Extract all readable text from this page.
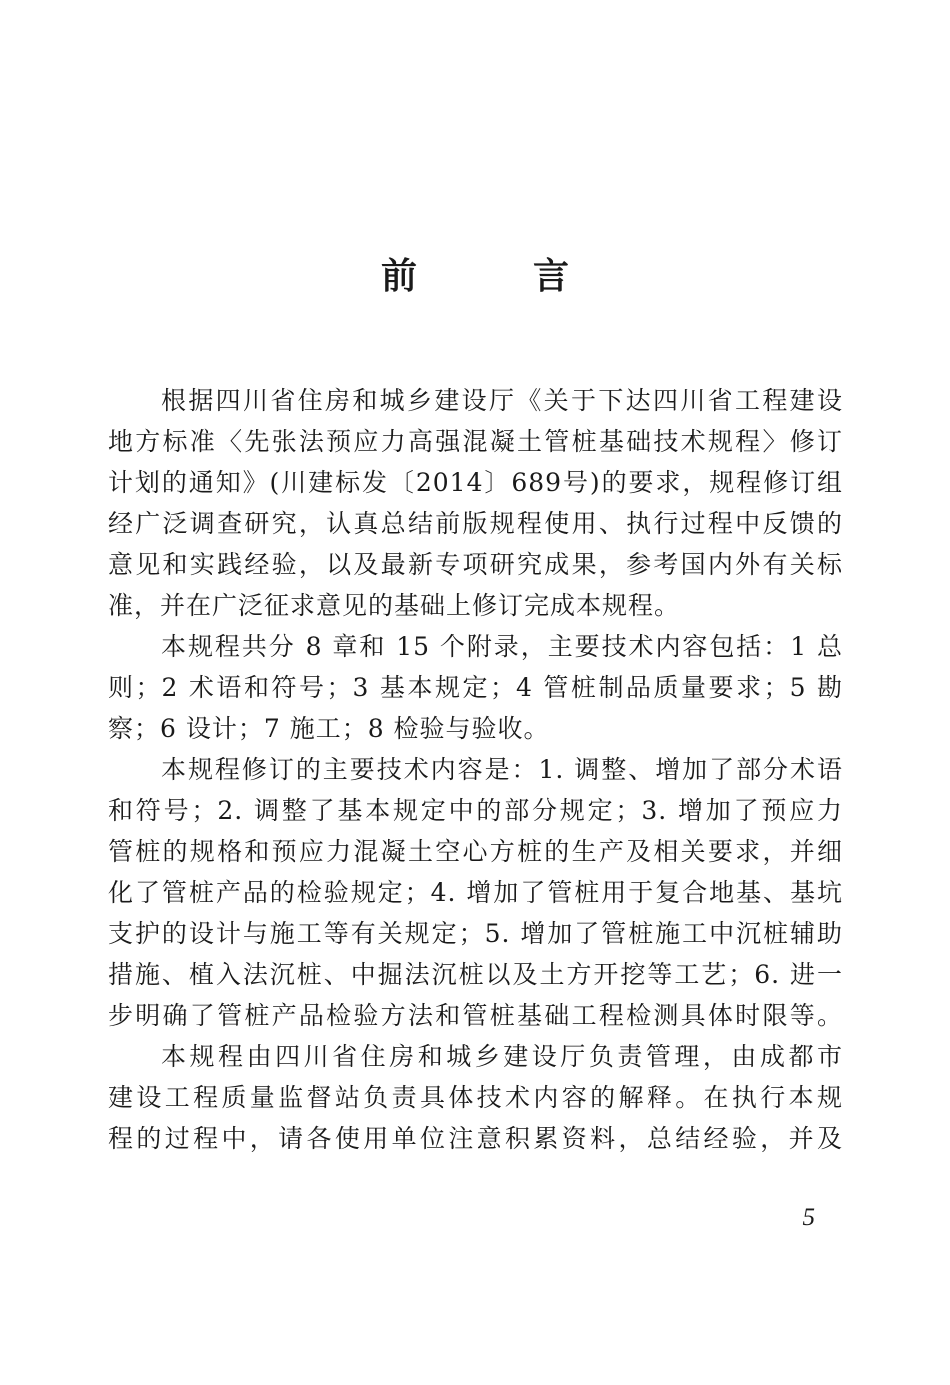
前　言
根据四川省住房和城乡建设厅《关于下达四川省工程建设
地方标准〈先张法预应力高强混凝土管桩基础技术规程〉修订
计划的通知》(川建标发〔2014〕689号)的要求，规程修订组
经广泛调查研究，认真总结前版规程使用、执行过程中反馈的
意见和实践经验，以及最新专项研究成果，参考国内外有关标
准，并在广泛征求意见的基础上修订完成本规程。
本规程共分 8 章和 15 个附录，主要技术内容包括：1 总
则；2 术语和符号；3 基本规定；4 管桩制品质量要求；5 勘
察；6 设计；7 施工；8 检验与验收。
本规程修订的主要技术内容是：1. 调整、增加了部分术语
和符号；2. 调整了基本规定中的部分规定；3. 增加了预应力
管桩的规格和预应力混凝土空心方桩的生产及相关要求，并细
化了管桩产品的检验规定；4. 增加了管桩用于复合地基、基坑
支护的设计与施工等有关规定；5. 增加了管桩施工中沉桩辅助
措施、植入法沉桩、中掘法沉桩以及土方开挖等工艺；6. 进一
步明确了管桩产品检验方法和管桩基础工程检测具体时限等。
本规程由四川省住房和城乡建设厅负责管理，由成都市
建设工程质量监督站负责具体技术内容的解释。在执行本规
程的过程中，请各使用单位注意积累资料，总结经验，并及
5
